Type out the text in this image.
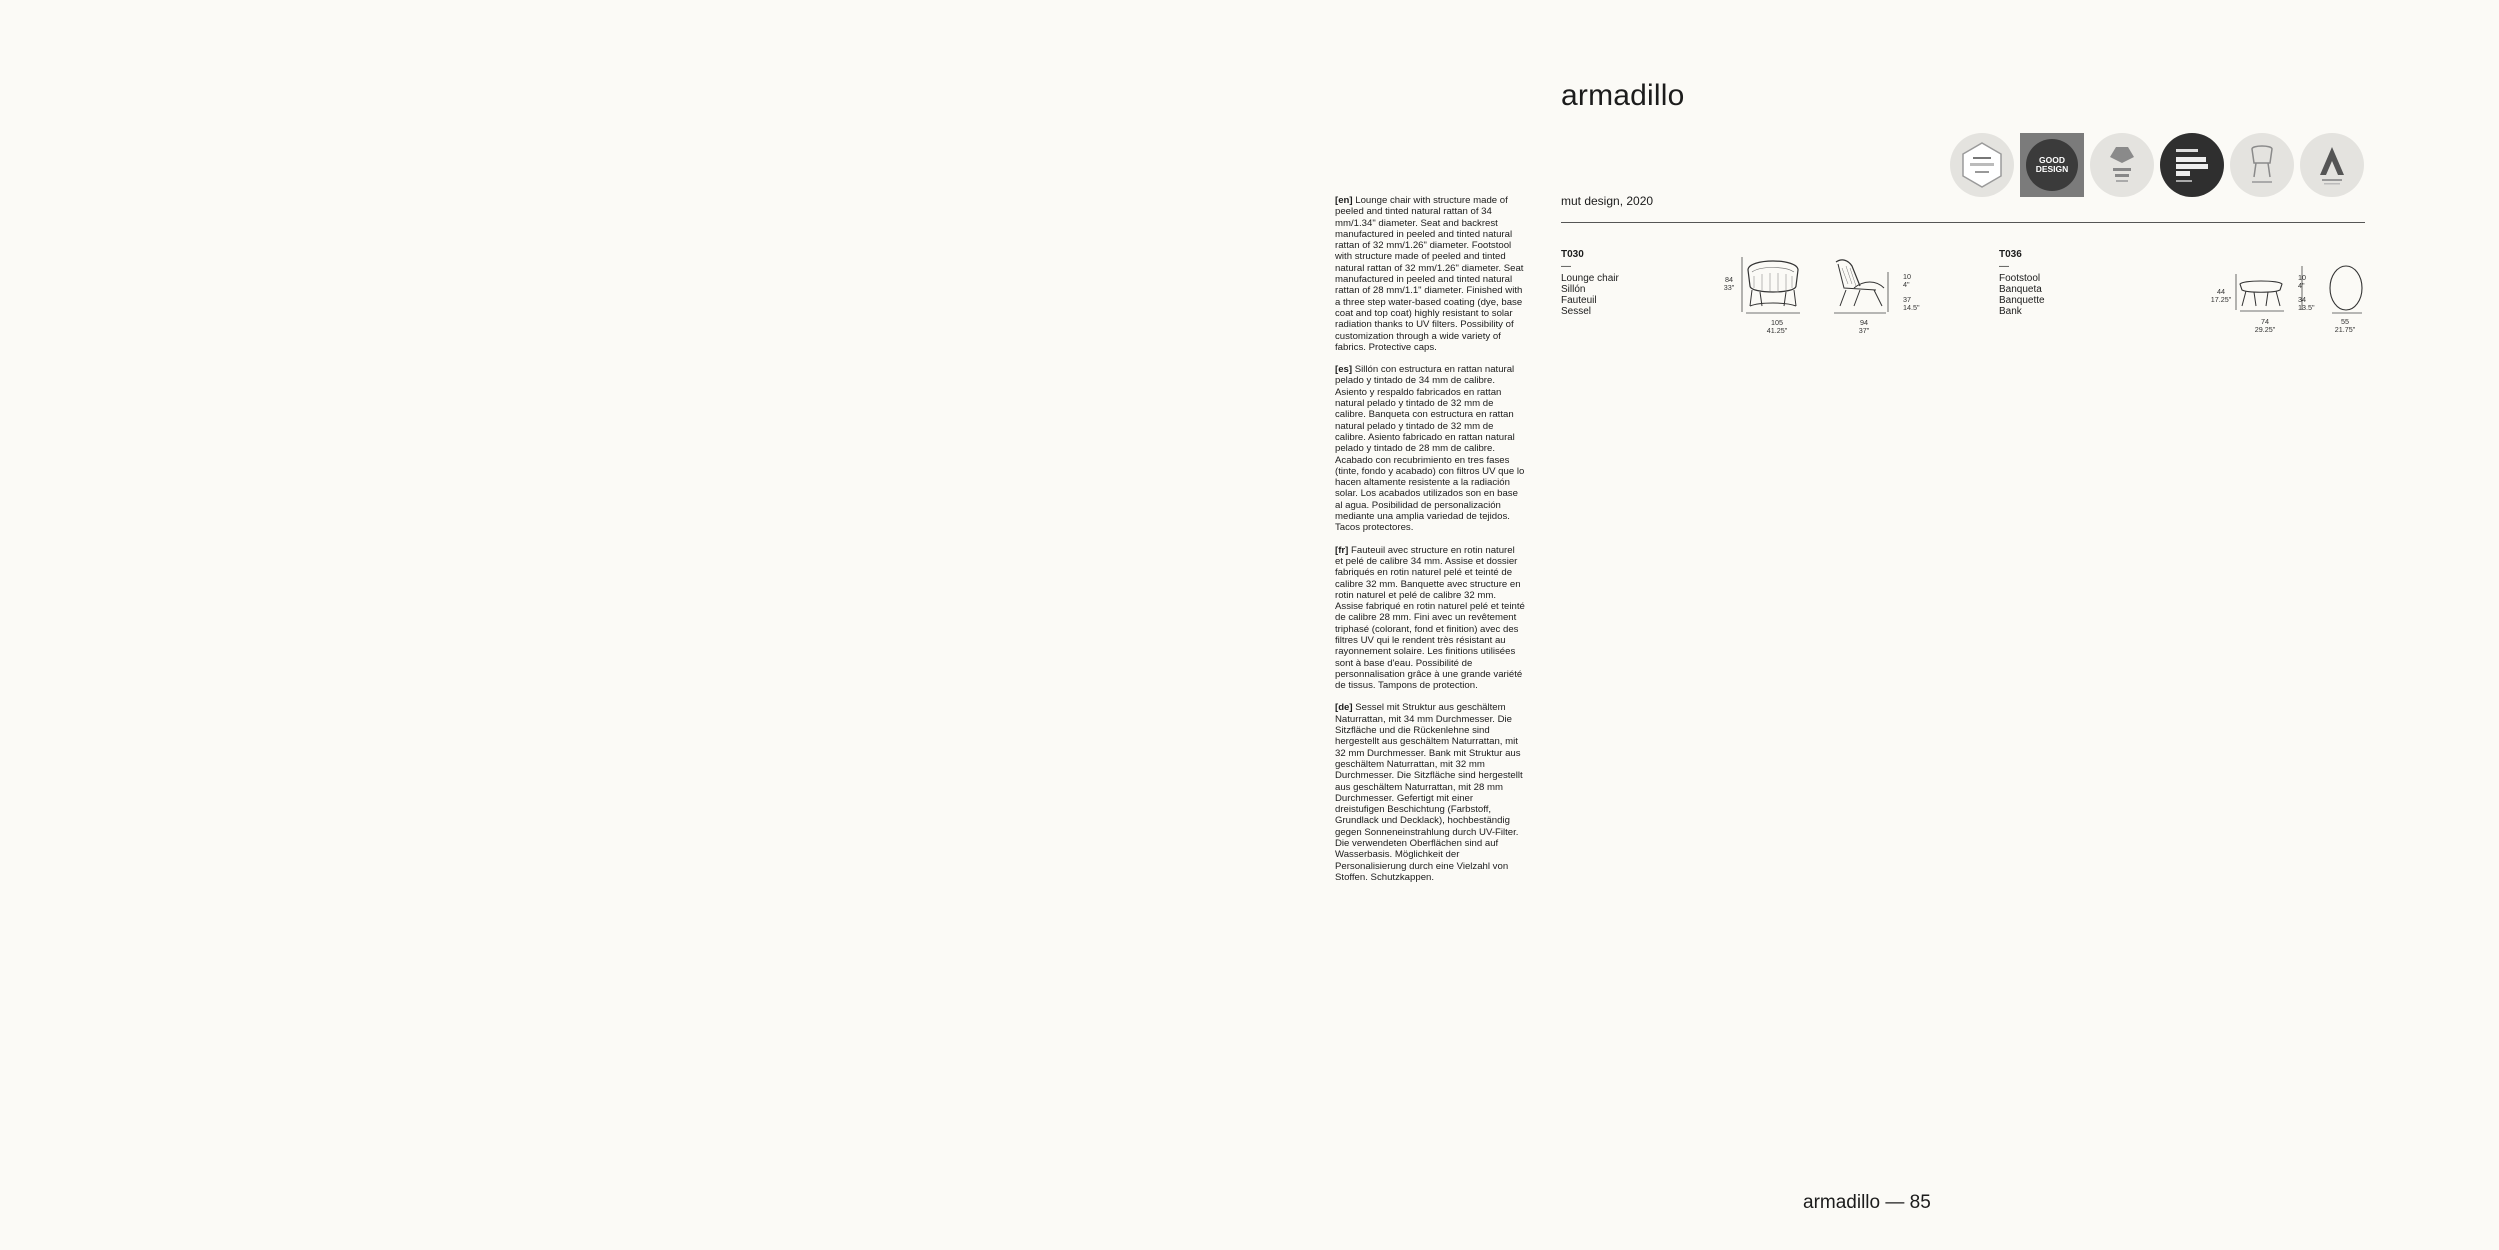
[en] Lounge chair with structure made of peeled and tinted natural rattan of 34 mm/1.34" diameter. Seat and backrest manufactured in peeled and tinted natural rattan of 32 mm/1.26" diameter. Footstool with structure made of peeled and tinted natural rattan of 32 mm/1.26" diameter. Seat manufactured in peeled and tinted natural rattan of 28 mm/1.1" diameter. Finished with a three step water-based coating (dye, base coat and top coat) highly resistant to solar radiation thanks to UV filters. Possibility of customization through a wide variety of fabrics. Protective caps.

[es] Sillón con estructura en rattan natural pelado y tintado de 34 mm de calibre. Asiento y respaldo fabricados en rattan natural pelado y tintado de 32 mm de calibre. Banqueta con estructura en rattan natural pelado y tintado de 32 mm de calibre. Asiento fabricado en rattan natural pelado y tintado de 28 mm de calibre. Acabado con recubrimiento en tres fases (tinte, fondo y acabado) con filtros UV que lo hacen altamente resistente a la radiación solar. Los acabados utilizados son en base al agua. Posibilidad de personalización mediante una amplia variedad de tejidos. Tacos protectores.

[fr] Fauteuil avec structure en rotin naturel et pelé de calibre 34 mm. Assise et dossier fabriqués en rotin naturel pelé et teinté de calibre 32 mm. Banquette avec structure en rotin naturel et pelé de calibre 32 mm. Assise fabriqué en rotin naturel pelé et teinté de calibre 28 mm. Fini avec un revêtement triphasé (colorant, fond et finition) avec des filtres UV qui le rendent très résistant au rayonnement solaire. Les finitions utilisées sont à base d'eau. Possibilité de personnalisation grâce à une grande variété de tissus. Tampons de protection.

[de] Sessel mit Struktur aus geschältem Naturrattan, mit 34 mm Durchmesser. Die Sitzfläche und die Rückenlehne sind hergestellt aus geschältem Naturrattan, mit 32 mm Durchmesser. Bank mit Struktur aus geschältem Naturrattan, mit 32 mm Durchmesser. Die Sitzfläche sind hergestellt aus geschältem Naturrattan, mit 28 mm Durchmesser. Gefertigt mit einer dreistufigen Beschichtung (Farbstoff, Grundlack und Decklack), hochbeständig gegen Sonneneinstrahlung durch UV-Filter. Die verwendeten Oberflächen sind auf Wasserbasis. Möglichkeit der Personalisierung durch eine Vielzahl von Stoffen. Schutzkappen.

armadillo
GOOD
DESIGN
mut design, 2020
T030
—
Lounge chair
Sillón
Fauteuil
Sessel
84
33"
105
41.25"
10
4"
37
14.5"
94
37"
T036
—
Footstool
Banqueta
Banquette
Bank
44
17.25"
74
29.25"
10
4"
34
13.5"
55
21.75"
armadillo — 85
